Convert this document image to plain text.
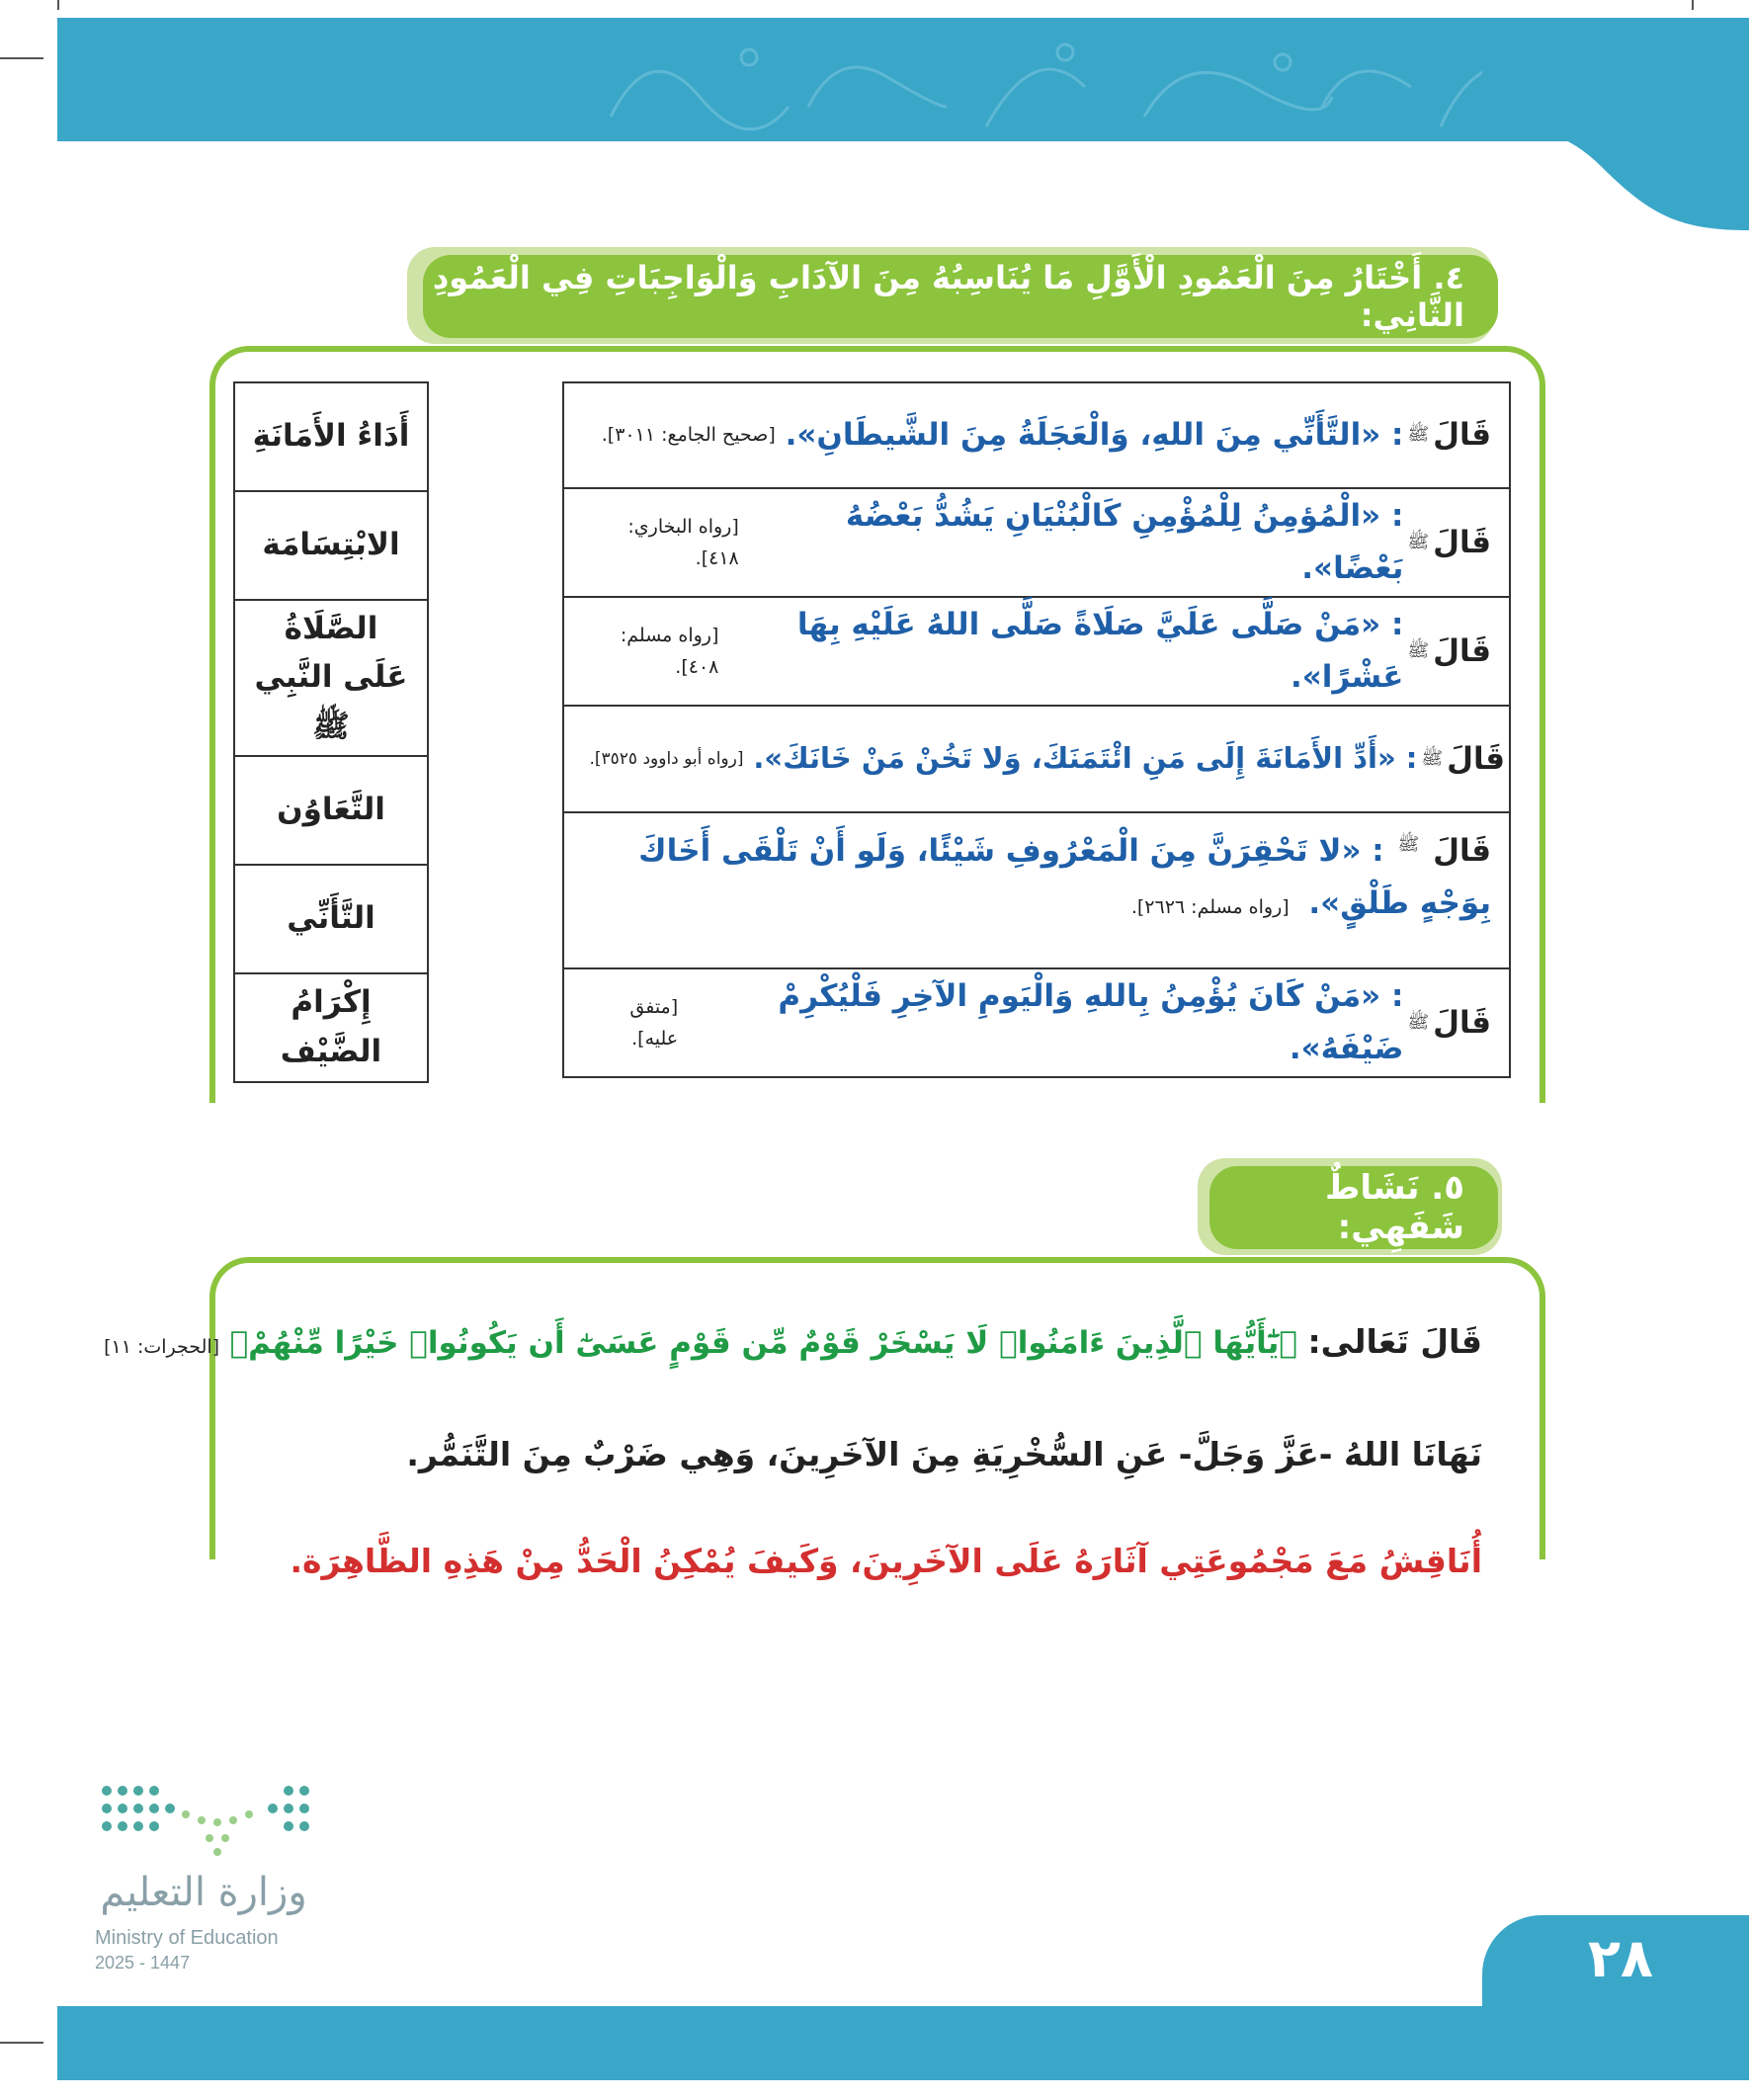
٤. أَخْتَارُ مِنَ الْعَمُودِ الْأَوَّلِ مَا يُنَاسِبُهُ مِنَ الآدَابِ وَالْوَاجِبَاتِ فِي الْعَمُودِ الثَّانِي:
قَالَ
ﷺ
: «التَّأَنِّي مِنَ اللهِ، وَالْعَجَلَةُ مِنَ الشَّيطَانِ».

[صحيح الجامع: ٣٠١١].
قَالَ
ﷺ
: «الْمُؤمِنُ لِلْمُؤْمِنِ كَالْبُنْيَانِ يَشُدُّ بَعْضُهُ بَعْضًا».

[رواه البخاري: ٤١٨].
قَالَ
ﷺ
: «مَنْ صَلَّى عَلَيَّ صَلَاةً صَلَّى اللهُ عَلَيْهِ بِهَا عَشْرًا».

[رواه مسلم: ٤٠٨].
قَالَ
ﷺ
: «أَدِّ الأَمَانَةَ إِلَى مَنِ ائْتَمَنَكَ، وَلا تَخُنْ مَنْ خَانَكَ».

[رواه أبو داوود ٣٥٢٥].
قَالَ $^ﷺ$ : «لا تَحْقِرَنَّ مِنَ الْمَعْرُوفِ شَيْئًا، وَلَو أَنْ تَلْقَى أَخَاكَ بِوَجْهٍ طَلْقٍ».  [رواه مسلم: ٢٦٢٦].
قَالَ
ﷺ
: «مَنْ كَانَ يُؤْمِنُ بِاللهِ وَالْيَومِ الآخِرِ فَلْيُكْرِمْ ضَيْفَهُ».

[متفق عليه].
أَدَاءُ الأَمَانَةِ
الابْتِسَامَة
الصَّلَاةُ عَلَى النَّبِي ﷺ
التَّعَاوُن
التَّأَنِّي
إِكْرَامُ الضَّيْف
٥. نَشَاطٌ شَفَهِي:
قَالَ تَعَالى: ﴿يَٰٓأَيُّهَا ٱلَّذِينَ ءَامَنُوا۟ لَا يَسْخَرْ قَوْمٌ مِّن قَوْمٍ عَسَىٰٓ أَن يَكُونُوا۟ خَيْرًا مِّنْهُمْ﴾ [الحجرات: ١١]
نَهَانَا اللهُ -عَزَّ وَجَلَّ- عَنِ السُّخْرِيَةِ مِنَ الآخَرِينَ، وَهِي ضَرْبٌ مِنَ التَّنَمُّر.
أُنَاقِشُ مَعَ مَجْمُوعَتِي آثَارَهُ عَلَى الآخَرِينَ، وَكَيفَ يُمْكِنُ الْحَدُّ مِنْ هَذِهِ الظَّاهِرَة.
وزارة التعليم
Ministry of Education
2025 - 1447	٢٨
